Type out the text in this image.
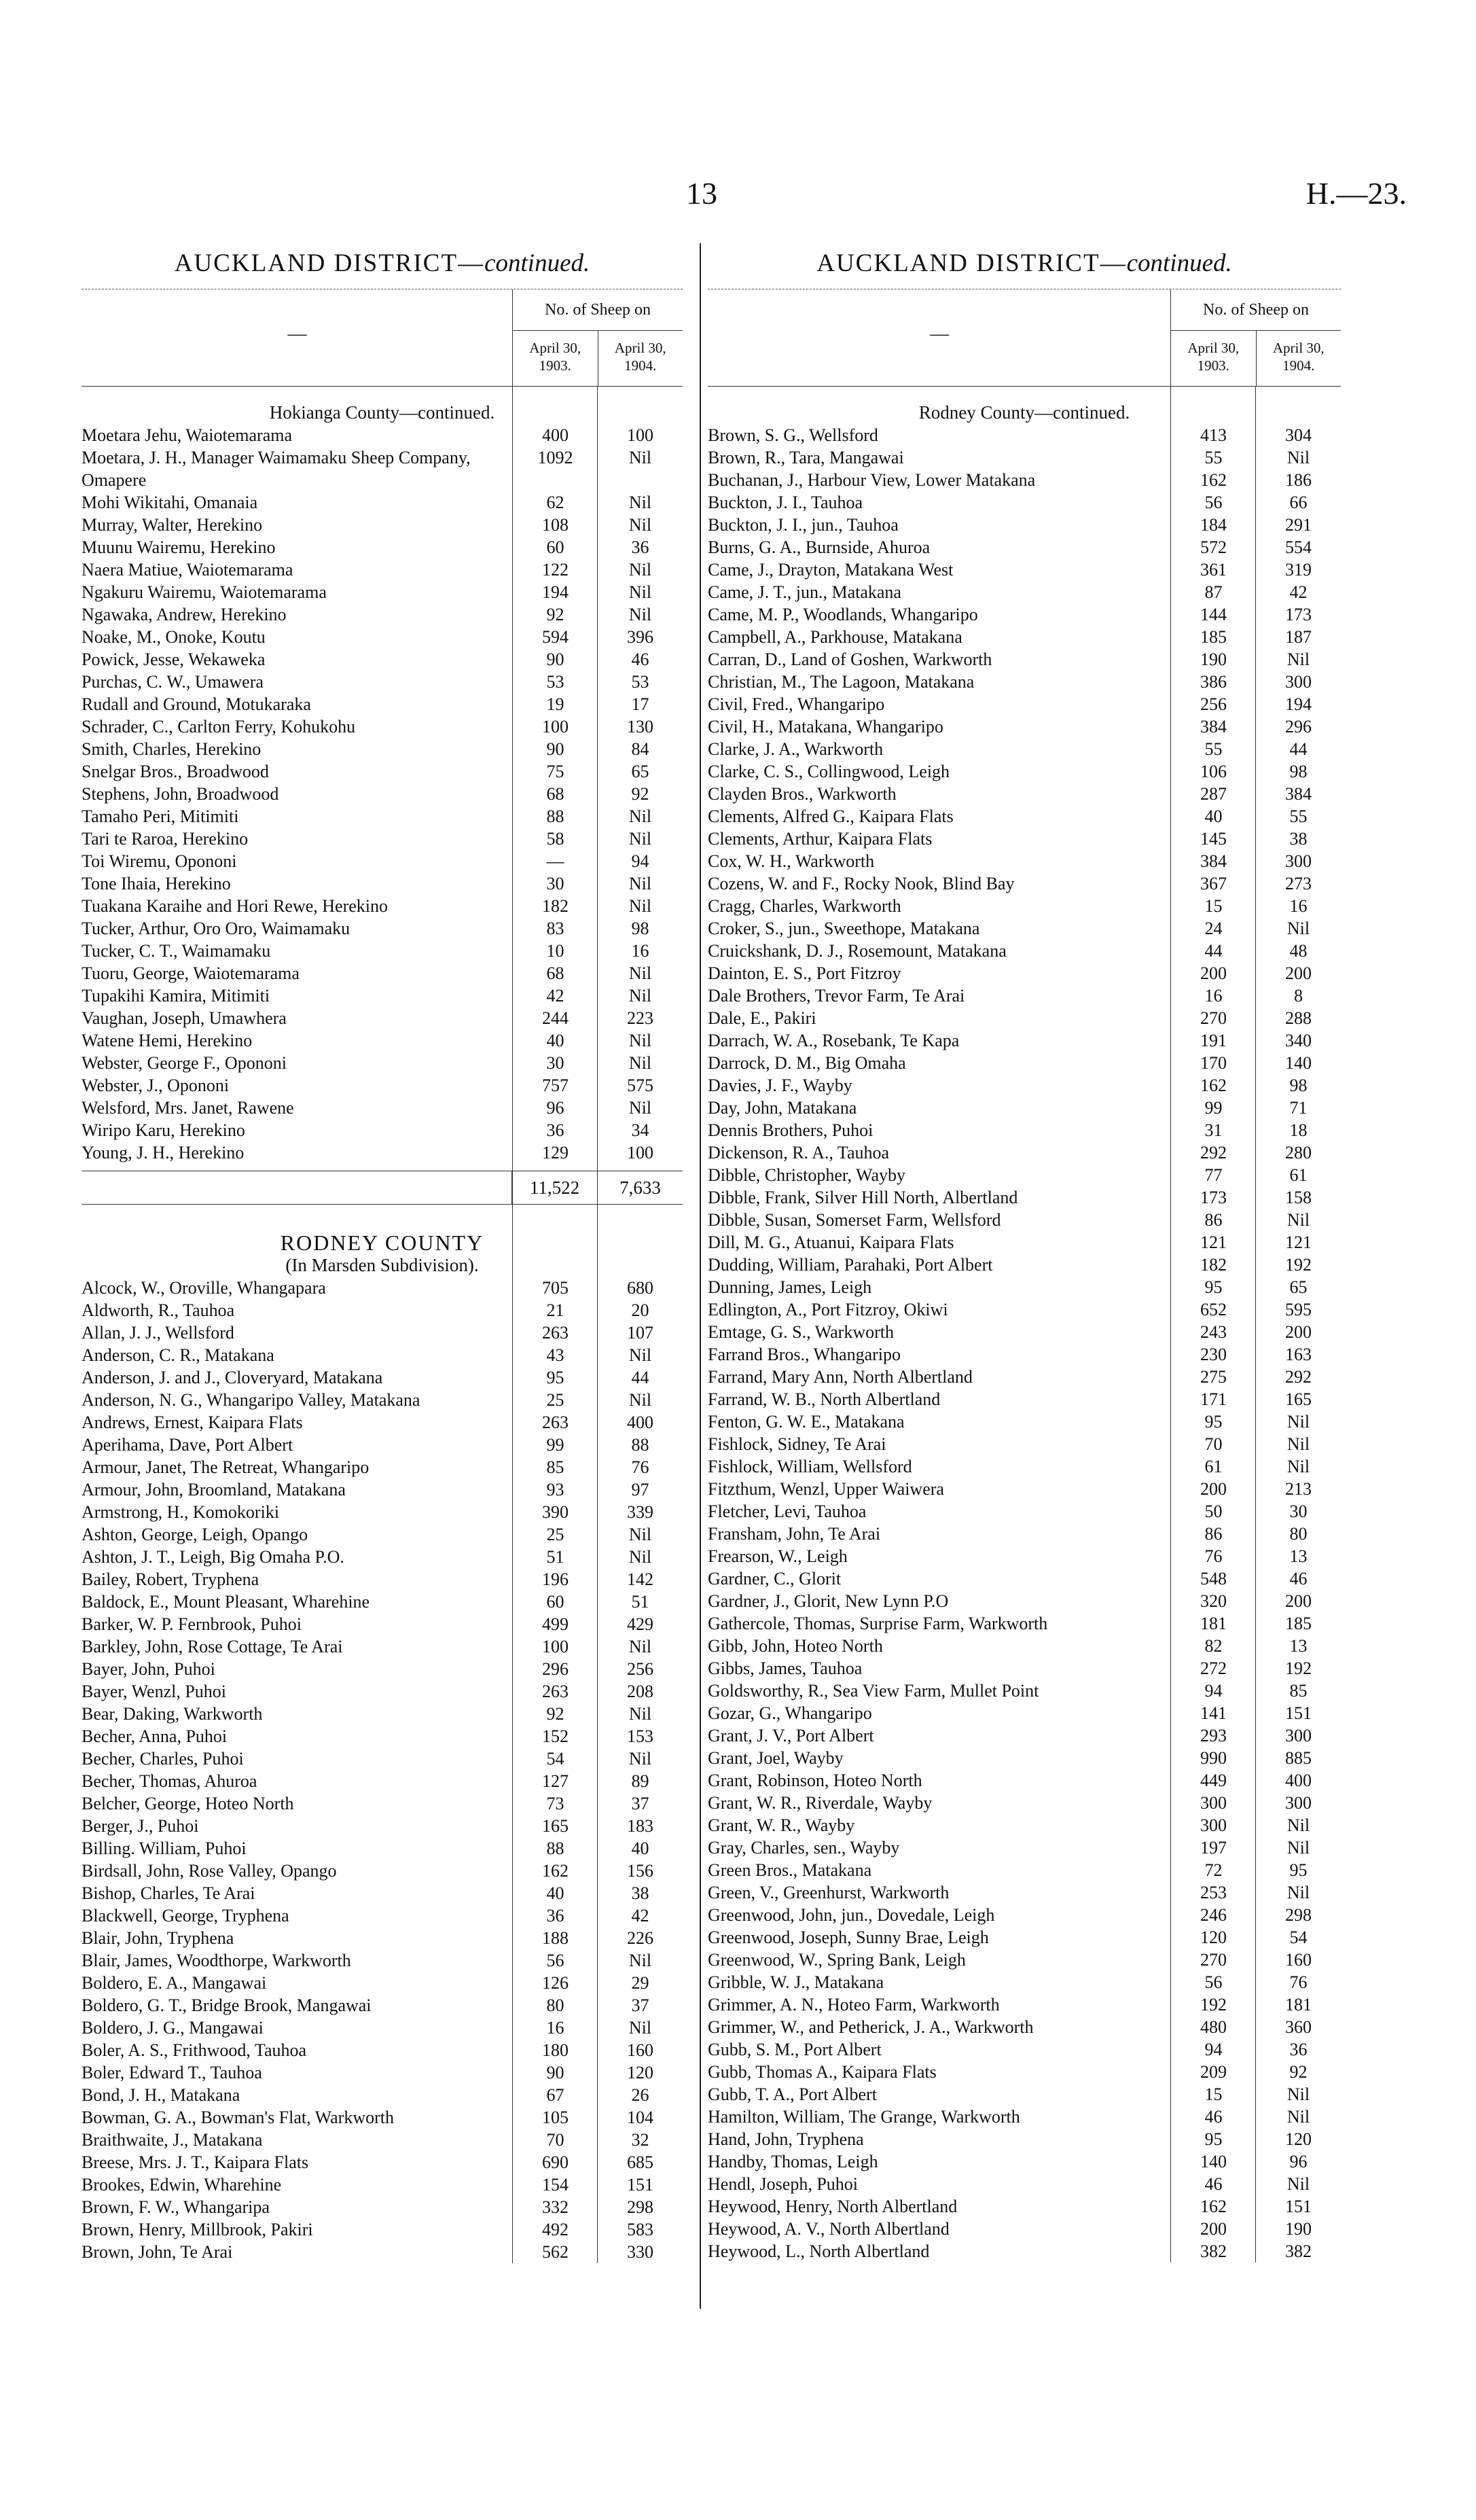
13	H.—23.
AUCKLAND DISTRICT—continued.
—
No. of Sheep on
April 30,
1903.
April 30,
1904.
Hokianga County—continued.
Moetara Jehu, Waiotemarama	400	100
Moetara, J. H., Manager Waimamaku Sheep Company, Omapere
1092	Nil
Mohi Wikitahi, Omanaia	62	Nil
Murray, Walter, Herekino	108	Nil
Muunu Wairemu, Herekino	60	36
Naera Matiue, Waiotemarama	122	Nil
Ngakuru Wairemu, Waiotemarama	194	Nil
Ngawaka, Andrew, Herekino	92	Nil
Noake, M., Onoke, Koutu	594	396
Powick, Jesse, Wekaweka	90	46
Purchas, C. W., Umawera	53	53
Rudall and Ground, Motukaraka	19	17
Schrader, C., Carlton Ferry, Kohukohu	100	130
Smith, Charles, Herekino	90	84
Snelgar Bros., Broadwood	75	65
Stephens, John, Broadwood	68	92
Tamaho Peri, Mitimiti	88	Nil
Tari te Raroa, Herekino	58	Nil
Toi Wiremu, Opononi	—	94
Tone Ihaia, Herekino	30	Nil
Tuakana Karaihe and Hori Rewe, Herekino	182	Nil
Tucker, Arthur, Oro Oro, Waimamaku	83	98
Tucker, C. T., Waimamaku	10	16
Tuoru, George, Waiotemarama	68	Nil
Tupakihi Kamira, Mitimiti	42	Nil
Vaughan, Joseph, Umawhera	244	223
Watene Hemi, Herekino	40	Nil
Webster, George F., Opononi	30	Nil
Webster, J., Opononi	757	575
Welsford, Mrs. Janet, Rawene	96	Nil
Wiripo Karu, Herekino	36	34
Young, J. H., Herekino	129	100
11,522	7,633
RODNEY COUNTY
(In Marsden Subdivision).
Alcock, W., Oroville, Whangapara	705	680
Aldworth, R., Tauhoa	21	20
Allan, J. J., Wellsford	263	107
Anderson, C. R., Matakana	43	Nil
Anderson, J. and J., Cloveryard, Matakana	95	44
Anderson, N. G., Whangaripo Valley, Matakana	25	Nil
Andrews, Ernest, Kaipara Flats	263	400
Aperihama, Dave, Port Albert	99	88
Armour, Janet, The Retreat, Whangaripo	85	76
Armour, John, Broomland, Matakana	93	97
Armstrong, H., Komokoriki	390	339
Ashton, George, Leigh, Opango	25	Nil
Ashton, J. T., Leigh, Big Omaha P.O.	51	Nil
Bailey, Robert, Tryphena	196	142
Baldock, E., Mount Pleasant, Wharehine	60	51
Barker, W. P. Fernbrook, Puhoi	499	429
Barkley, John, Rose Cottage, Te Arai	100	Nil
Bayer, John, Puhoi	296	256
Bayer, Wenzl, Puhoi	263	208
Bear, Daking, Warkworth	92	Nil
Becher, Anna, Puhoi	152	153
Becher, Charles, Puhoi	54	Nil
Becher, Thomas, Ahuroa	127	89
Belcher, George, Hoteo North	73	37
Berger, J., Puhoi	165	183
Billing. William, Puhoi	88	40
Birdsall, John, Rose Valley, Opango	162	156
Bishop, Charles, Te Arai	40	38
Blackwell, George, Tryphena	36	42
Blair, John, Tryphena	188	226
Blair, James, Woodthorpe, Warkworth	56	Nil
Boldero, E. A., Mangawai	126	29
Boldero, G. T., Bridge Brook, Mangawai	80	37
Boldero, J. G., Mangawai	16	Nil
Boler, A. S., Frithwood, Tauhoa	180	160
Boler, Edward T., Tauhoa	90	120
Bond, J. H., Matakana	67	26
Bowman, G. A., Bowman's Flat, Warkworth	105	104
Braithwaite, J., Matakana	70	32
Breese, Mrs. J. T., Kaipara Flats	690	685
Brookes, Edwin, Wharehine	154	151
Brown, F. W., Whangaripa	332	298
Brown, Henry, Millbrook, Pakiri	492	583
Brown, John, Te Arai	562	330
AUCKLAND DISTRICT—continued.
—
No. of Sheep on
April 30,
1903.
April 30,
1904.
Rodney County—continued.
Brown, S. G., Wellsford	413	304
Brown, R., Tara, Mangawai	55	Nil
Buchanan, J., Harbour View, Lower Matakana	162	186
Buckton, J. I., Tauhoa	56	66
Buckton, J. I., jun., Tauhoa	184	291
Burns, G. A., Burnside, Ahuroa	572	554
Came, J., Drayton, Matakana West	361	319
Came, J. T., jun., Matakana	87	42
Came, M. P., Woodlands, Whangaripo	144	173
Campbell, A., Parkhouse, Matakana	185	187
Carran, D., Land of Goshen, Warkworth	190	Nil
Christian, M., The Lagoon, Matakana	386	300
Civil, Fred., Whangaripo	256	194
Civil, H., Matakana, Whangaripo	384	296
Clarke, J. A., Warkworth	55	44
Clarke, C. S., Collingwood, Leigh	106	98
Clayden Bros., Warkworth	287	384
Clements, Alfred G., Kaipara Flats	40	55
Clements, Arthur, Kaipara Flats	145	38
Cox, W. H., Warkworth	384	300
Cozens, W. and F., Rocky Nook, Blind Bay	367	273
Cragg, Charles, Warkworth	15	16
Croker, S., jun., Sweethope, Matakana	24	Nil
Cruickshank, D. J., Rosemount, Matakana	44	48
Dainton, E. S., Port Fitzroy	200	200
Dale Brothers, Trevor Farm, Te Arai	16	8
Dale, E., Pakiri	270	288
Darrach, W. A., Rosebank, Te Kapa	191	340
Darrock, D. M., Big Omaha	170	140
Davies, J. F., Wayby	162	98
Day, John, Matakana	99	71
Dennis Brothers, Puhoi	31	18
Dickenson, R. A., Tauhoa	292	280
Dibble, Christopher, Wayby	77	61
Dibble, Frank, Silver Hill North, Albertland	173	158
Dibble, Susan, Somerset Farm, Wellsford	86	Nil
Dill, M. G., Atuanui, Kaipara Flats	121	121
Dudding, William, Parahaki, Port Albert	182	192
Dunning, James, Leigh	95	65
Edlington, A., Port Fitzroy, Okiwi	652	595
Emtage, G. S., Warkworth	243	200
Farrand Bros., Whangaripo	230	163
Farrand, Mary Ann, North Albertland	275	292
Farrand, W. B., North Albertland	171	165
Fenton, G. W. E., Matakana	95	Nil
Fishlock, Sidney, Te Arai	70	Nil
Fishlock, William, Wellsford	61	Nil
Fitzthum, Wenzl, Upper Waiwera	200	213
Fletcher, Levi, Tauhoa	50	30
Fransham, John, Te Arai	86	80
Frearson, W., Leigh	76	13
Gardner, C., Glorit	548	46
Gardner, J., Glorit, New Lynn P.O	320	200
Gathercole, Thomas, Surprise Farm, Warkworth	181	185
Gibb, John, Hoteo North	82	13
Gibbs, James, Tauhoa	272	192
Goldsworthy, R., Sea View Farm, Mullet Point	94	85
Gozar, G., Whangaripo	141	151
Grant, J. V., Port Albert	293	300
Grant, Joel, Wayby	990	885
Grant, Robinson, Hoteo North	449	400
Grant, W. R., Riverdale, Wayby	300	300
Grant, W. R., Wayby	300	Nil
Gray, Charles, sen., Wayby	197	Nil
Green Bros., Matakana	72	95
Green, V., Greenhurst, Warkworth	253	Nil
Greenwood, John, jun., Dovedale, Leigh	246	298
Greenwood, Joseph, Sunny Brae, Leigh	120	54
Greenwood, W., Spring Bank, Leigh	270	160
Gribble, W. J., Matakana	56	76
Grimmer, A. N., Hoteo Farm, Warkworth	192	181
Grimmer, W., and Petherick, J. A., Warkworth	480	360
Gubb, S. M., Port Albert	94	36
Gubb, Thomas A., Kaipara Flats	209	92
Gubb, T. A., Port Albert	15	Nil
Hamilton, William, The Grange, Warkworth	46	Nil
Hand, John, Tryphena	95	120
Handby, Thomas, Leigh	140	96
Hendl, Joseph, Puhoi	46	Nil
Heywood, Henry, North Albertland	162	151
Heywood, A. V., North Albertland	200	190
Heywood, L., North Albertland	382	382
